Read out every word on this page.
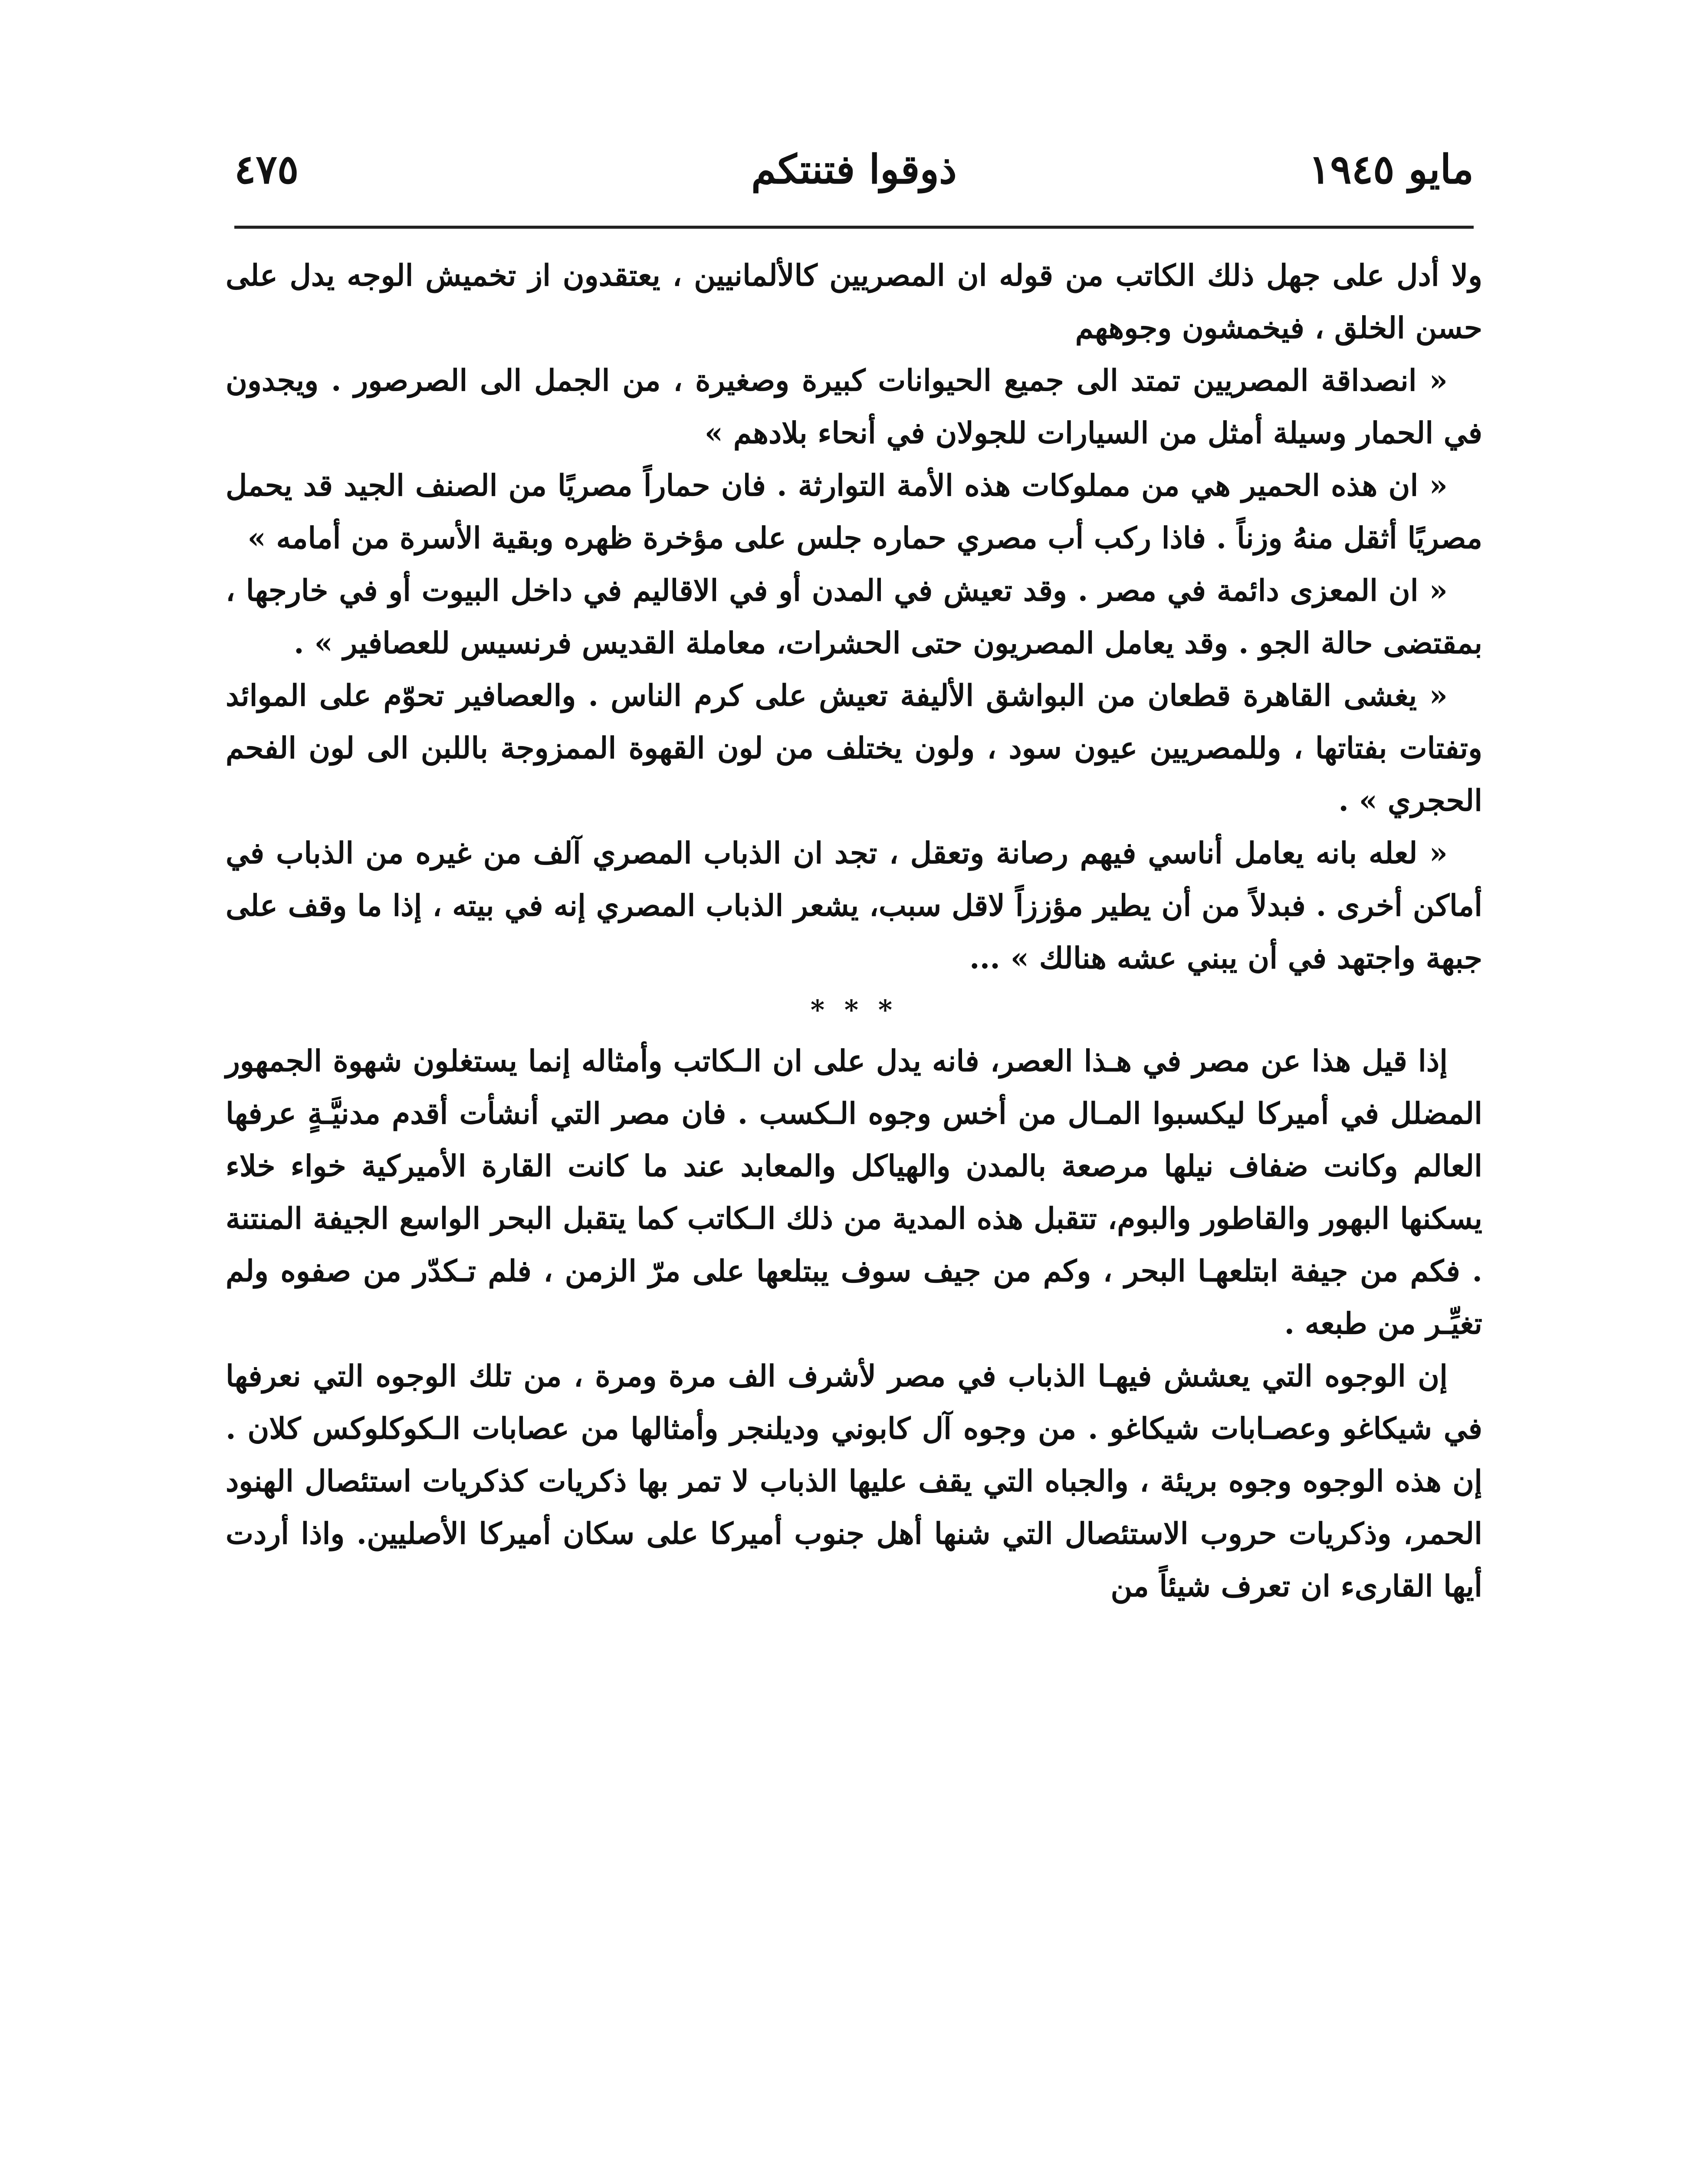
٤٧٥	ذوقوا فتنتكم	مايو ١٩٤٥

ولا أدل على جهل ذلك الكاتب من قوله ان المصريين كالألمانيين ، يعتقدون از تخميش الوجه يدل على حسن الخلق ، فيخمشون وجوههم

« انصداقة المصريين تمتد الى جميع الحيوانات كبيرة وصغيرة ، من الجمل الى الصرصور . ويجدون في الحمار وسيلة أمثل من السيارات للجولان في أنحاء بلادهم »

« ان هذه الحمير هي من مملوكات هذه الأمة التوارثة . فان حماراً مصريًا من الصنف الجيد قد يحمل مصريًا أثقل منهُ وزناً . فاذا ركب أب مصري حماره جلس على مؤخرة ظهره وبقية الأسرة من أمامه »

« ان المعزى دائمة في مصر . وقد تعيش في المدن أو في الاقاليم في داخل البيوت أو في خارجها ، بمقتضى حالة الجو . وقد يعامل المصريون حتى الحشرات، معاملة القديس فرنسيس للعصافير » .

« يغشى القاهرة قطعان من البواشق الأليفة تعيش على كرم الناس . والعصافير تحوّم على الموائد وتفتات بفتاتها ، وللمصريين عيون سود ، ولون يختلف من لون القهوة الممزوجة باللبن الى لون الفحم الحجري » .

« لعله بانه يعامل أناسي فيهم رصانة وتعقل ، تجد ان الذباب المصري آلف من غيره من الذباب في أماكن أخرى . فبدلاً من أن يطير مؤززاً لاقل سبب، يشعر الذباب المصري إنه في بيته ، إذا ما وقف على جبهة واجتهد في أن يبني عشه هنالك » ...

* * *

إذا قيل هذا عن مصر في هـذا العصر، فانه يدل على ان الـكاتب وأمثاله إنما يستغلون شهوة الجمهور المضلل في أميركا ليكسبوا المـال من أخس وجوه الـكسب . فان مصر التي أنشأت أقدم مدنيَّـةٍ عرفها العالم وكانت ضفاف نيلها مرصعة بالمدن والهياكل والمعابد عند ما كانت القارة الأميركية خواء خلاء يسكنها البهور والقاطور والبوم، تتقبل هذه المدية من ذلك الـكاتب كما يتقبل البحر الواسع الجيفة المنتنة . فكم من جيفة ابتلعهـا البحر ، وكم من جيف سوف يبتلعها على مرّ الزمن ، فلم تـكدّر من صفوه ولم تغيِّـر من طبعه .

إن الوجوه التي يعشش فيهـا الذباب في مصر لأشرف الف مرة ومرة ، من تلك الوجوه التي نعرفها في شيكاغو وعصـابات شيكاغو . من وجوه آل كابوني وديلنجر وأمثالها من عصابات الـكوكلوكس كلان . إن هذه الوجوه وجوه بريئة ، والجباه التي يقف عليها الذباب لا تمر بها ذكريات كذكريات استئصال الهنود الحمر، وذكريات حروب الاستئصال التي شنها أهل جنوب أميركا على سكان أميركا الأصليين. واذا أردت أيها القارىء ان تعرف شيئاً من
